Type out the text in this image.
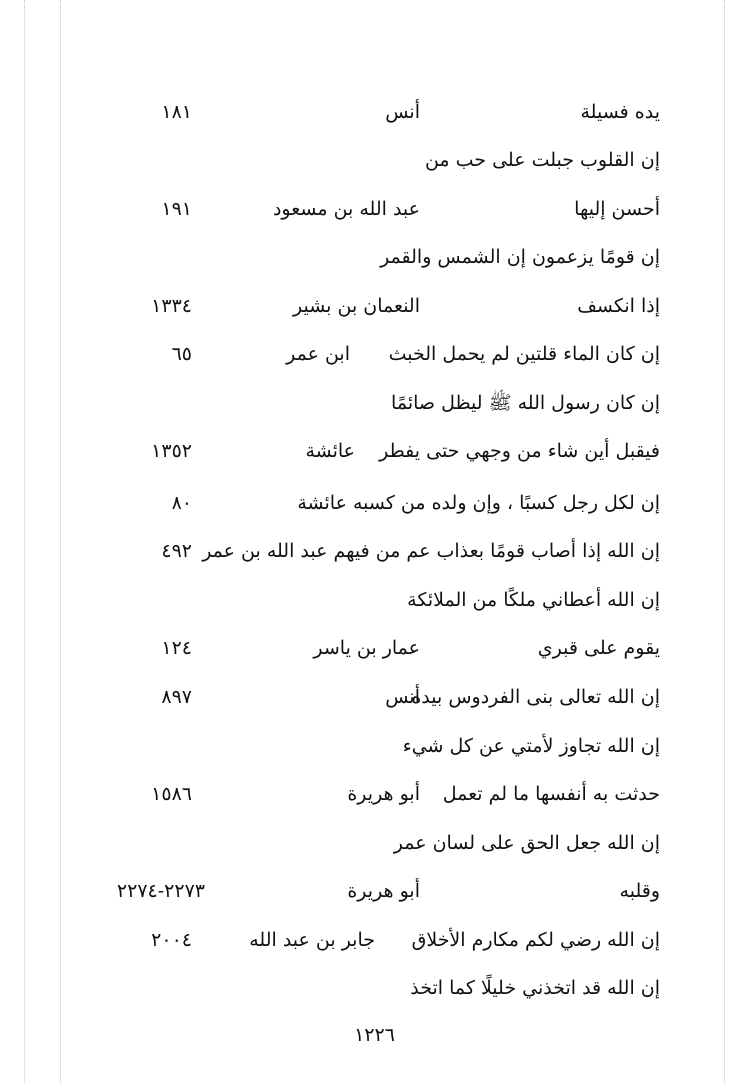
يده فسيلة
أنس
١٨١
إن القلوب جبلت على حب من
أحسن إليها
عبد الله بن مسعود
١٩١
إن قومًا يزعمون إن الشمس والقمر
إذا انكسف
النعمان بن بشير
١٣٣٤
إن كان الماء قلتين لم يحمل الخبث
ابن عمر
٦٥
إن كان رسول الله ﷺ ليظل صائمًا
فيقبل أين شاء من وجهي حتى يفطر
عائشة
١٣٥٢
إن لكل رجل كسبًا ، وإن ولده من كسبه عائشة
٨٠
إن الله إذا أصاب قومًا بعذاب عم من فيهم عبد الله بن عمر
٤٩٢
إن الله أعطاني ملكًا من الملائكة
يقوم على قبري
عمار بن ياسر
١٢٤
إن الله تعالى بنى الفردوس بيده
أنس
٨٩٧
إن الله تجاوز لأمتي عن كل شيء
حدثت به أنفسها ما لم تعمل
أبو هريرة
١٥٨٦
إن الله جعل الحق على لسان عمر
وقلبه
أبو هريرة
٢٢٧٣-٢٢٧٤
إن الله رضي لكم مكارم الأخلاق
جابر بن عبد الله
٢٠٠٤
إن الله قد اتخذني خليلًا كما اتخذ
١٢٢٦
